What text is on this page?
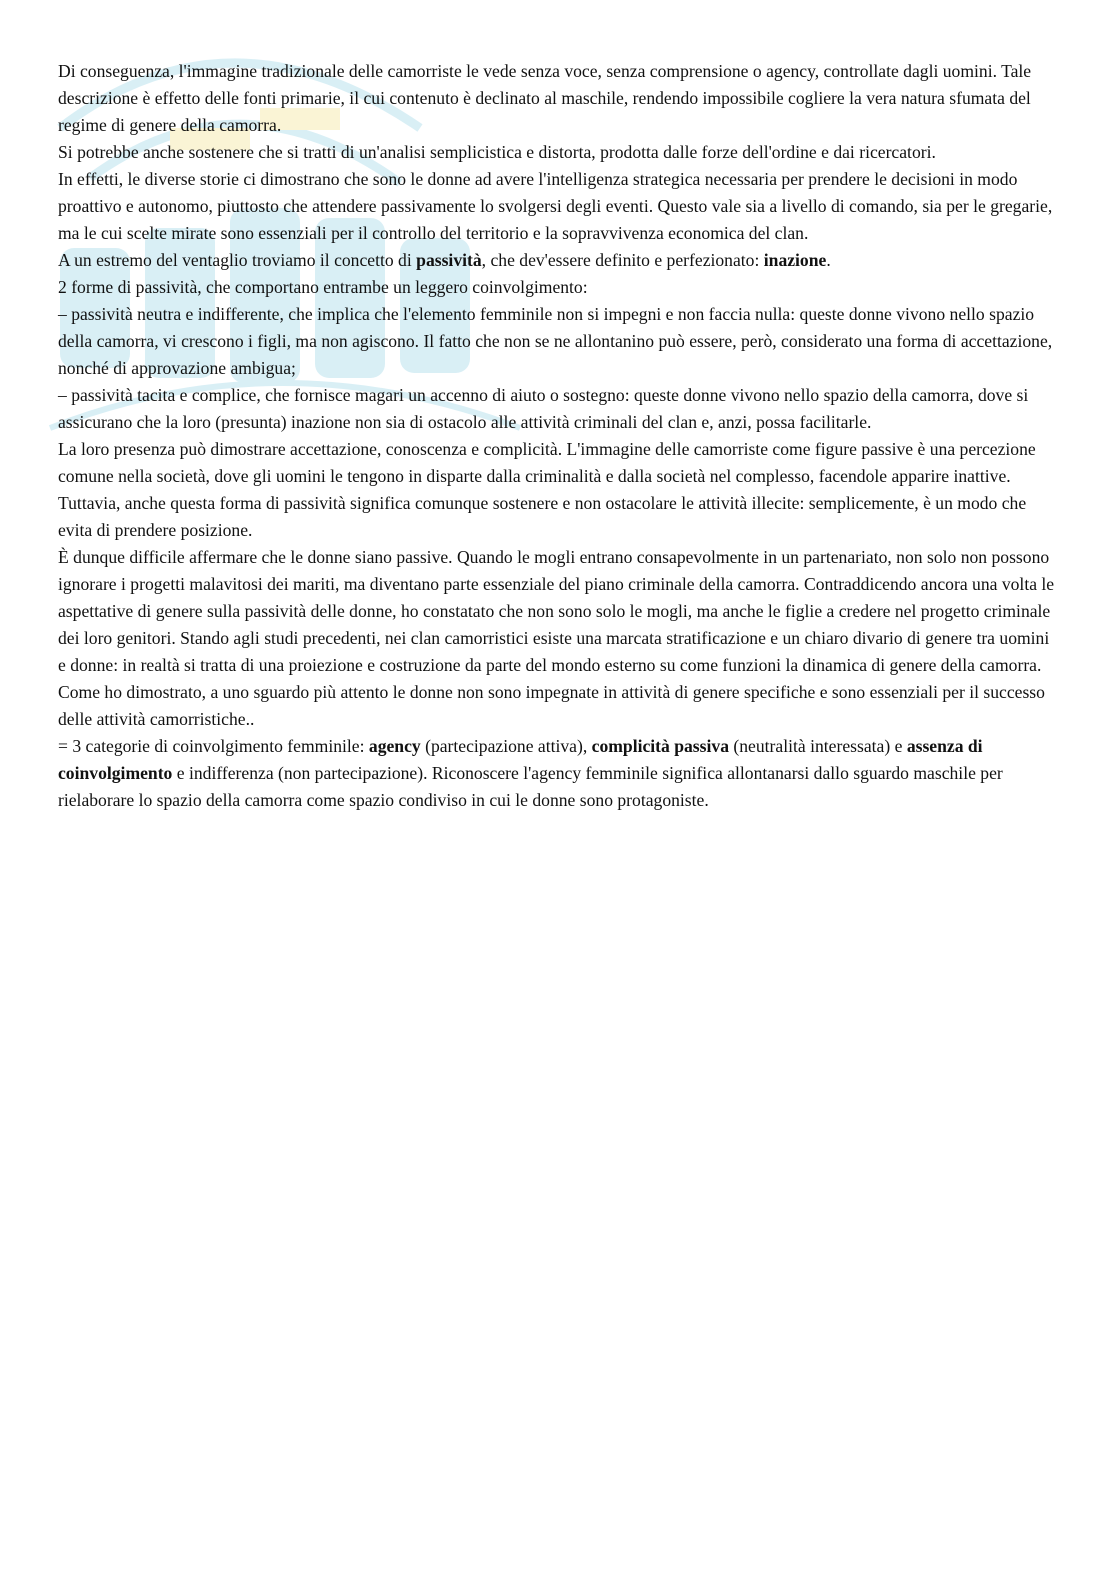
Di conseguenza, l'immagine tradizionale delle camorriste le vede senza voce, senza comprensione o agency, controllate dagli uomini. Tale descrizione è effetto delle fonti primarie, il cui contenuto è declinato al maschile, rendendo impossibile cogliere la vera natura sfumata del regime di genere della camorra.

Si potrebbe anche sostenere che si tratti di un'analisi semplicistica e distorta, prodotta dalle forze dell'ordine e dai ricercatori.

In effetti, le diverse storie ci dimostrano che sono le donne ad avere l'intelligenza strategica necessaria per prendere le decisioni in modo proattivo e autonomo, piuttosto che attendere passivamente lo svolgersi degli eventi. Questo vale sia a livello di comando, sia per le gregarie, ma le cui scelte mirate sono essenziali per il controllo del territorio e la sopravvivenza economica del clan.

A un estremo del ventaglio troviamo il concetto di passività, che dev'essere definito e perfezionato: inazione.

2 forme di passività, che comportano entrambe un leggero coinvolgimento:

– passività neutra e indifferente, che implica che l'elemento femminile non si impegni e non faccia nulla: queste donne vivono nello spazio della camorra, vi crescono i figli, ma non agiscono. Il fatto che non se ne allontanino può essere, però, considerato una forma di accettazione, nonché di approvazione ambigua;

– passività tacita e complice, che fornisce magari un accenno di aiuto o sostegno: queste donne vivono nello spazio della camorra, dove si assicurano che la loro (presunta) inazione non sia di ostacolo alle attività criminali del clan e, anzi, possa facilitarle.

La loro presenza può dimostrare accettazione, conoscenza e complicità. L'immagine delle camorriste come figure passive è una percezione comune nella società, dove gli uomini le tengono in disparte dalla criminalità e dalla società nel complesso, facendole apparire inattive. Tuttavia, anche questa forma di passività significa comunque sostenere e non ostacolare le attività illecite: semplicemente, è un modo che evita di prendere posizione.

È dunque difficile affermare che le donne siano passive. Quando le mogli entrano consapevolmente in un partenariato, non solo non possono ignorare i progetti malavitosi dei mariti, ma diventano parte essenziale del piano criminale della camorra. Contraddicendo ancora una volta le aspettative di genere sulla passività delle donne, ho constatato che non sono solo le mogli, ma anche le figlie a credere nel progetto criminale dei loro genitori. Stando agli studi precedenti, nei clan camorristici esiste una marcata stratificazione e un chiaro divario di genere tra uomini e donne: in realtà si tratta di una proiezione e costruzione da parte del mondo esterno su come funzioni la dinamica di genere della camorra. Come ho dimostrato, a uno sguardo più attento le donne non sono impegnate in attività di genere specifiche e sono essenziali per il successo delle attività camorristiche..

= 3 categorie di coinvolgimento femminile: agency (partecipazione attiva), complicità passiva (neutralità interessata) e assenza di coinvolgimento e indifferenza (non partecipazione). Riconoscere l'agency femminile significa allontanarsi dallo sguardo maschile per rielaborare lo spazio della camorra come spazio condiviso in cui le donne sono protagoniste.
